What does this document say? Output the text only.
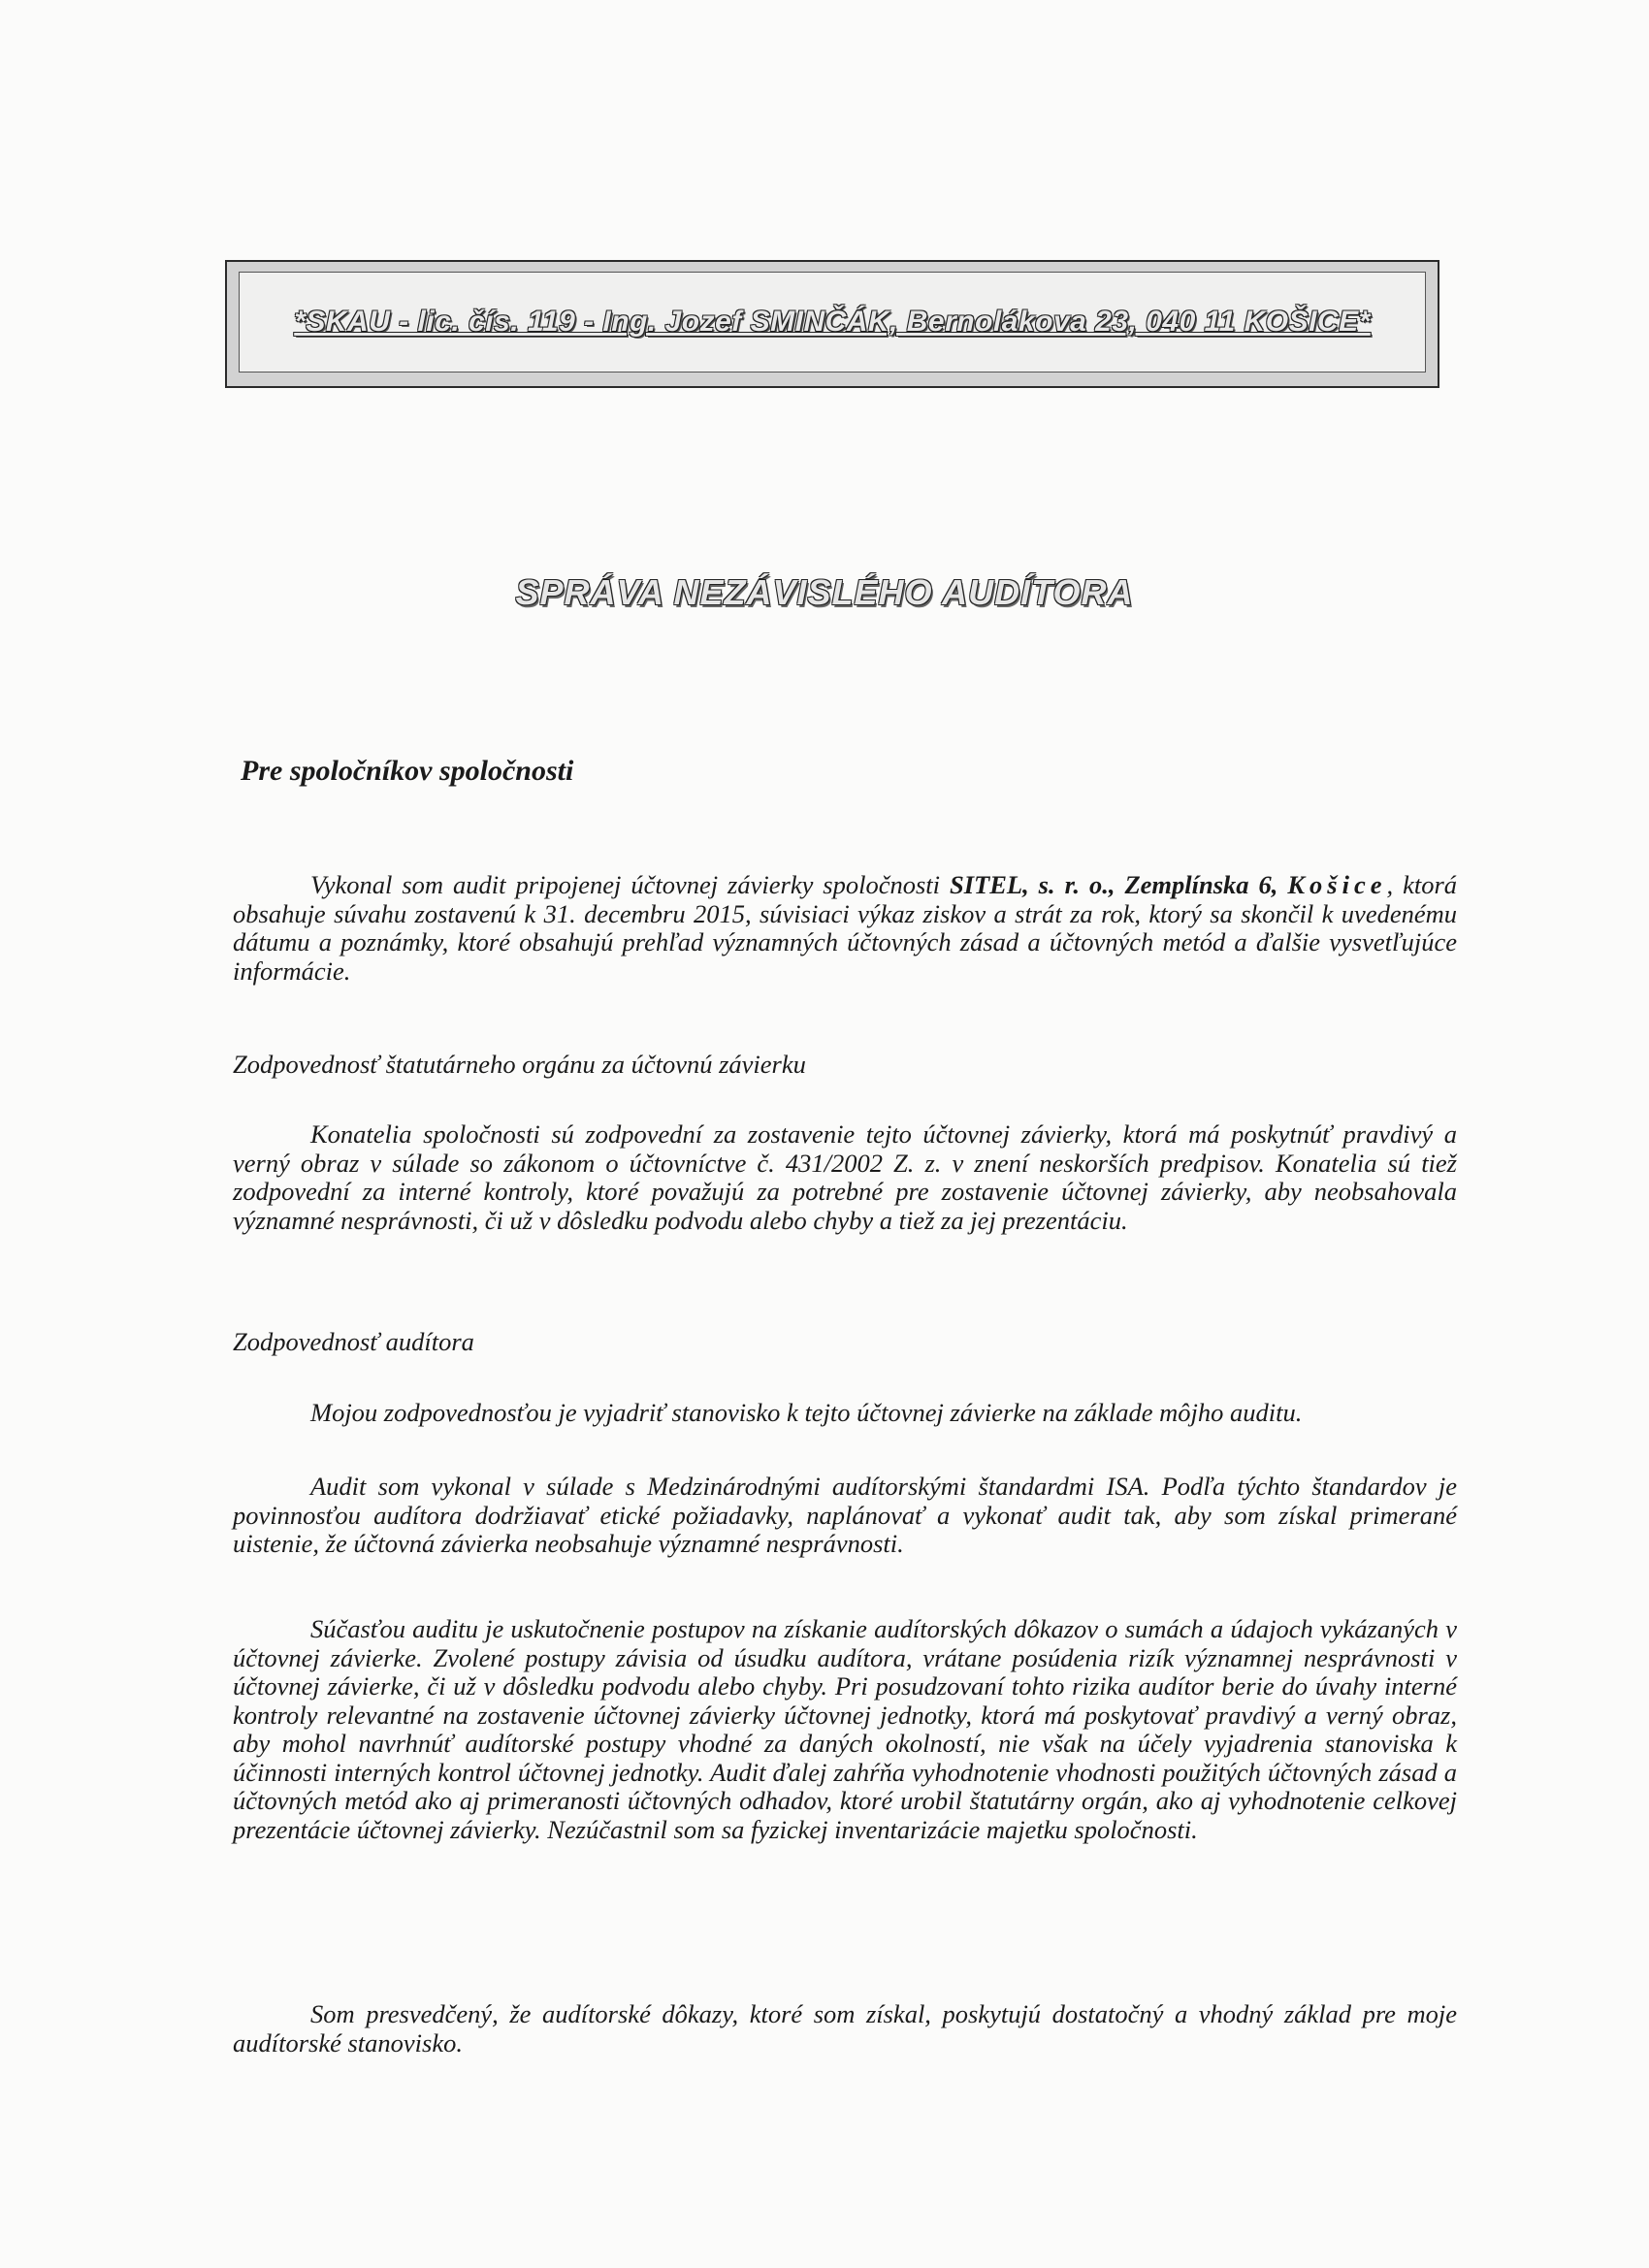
*SKAU - lic. čís. 119 - Ing. Jozef SMINČÁK, Bernolákova 23, 040 11 KOŠICE*
SPRÁVA NEZÁVISLÉHO AUDÍTORA
Pre spoločníkov spoločnosti
Vykonal som audit pripojenej účtovnej závierky spoločnosti SITEL, s. r. o., Zemplínska 6, Košice, ktorá obsahuje súvahu zostavenú k 31. decembru 2015, súvisiaci výkaz ziskov a strát za rok, ktorý sa skončil k uvedenému dátumu a poznámky, ktoré obsahujú prehľad významných účtovných zásad a účtovných metód a ďalšie vysvetľujúce informácie.
Zodpovednosť štatutárneho orgánu za účtovnú závierku
Konatelia spoločnosti sú zodpovední za zostavenie tejto účtovnej závierky, ktorá má poskytnúť pravdivý a verný obraz v súlade so zákonom o účtovníctve č. 431/2002 Z. z. v znení neskorších predpisov. Konatelia sú tiež zodpovední za interné kontroly, ktoré považujú za potrebné pre zostavenie účtovnej závierky, aby neobsahovala významné nesprávnosti, či už v dôsledku podvodu alebo chyby a tiež za jej prezentáciu.
Zodpovednosť audítora
Mojou zodpovednosťou je vyjadriť stanovisko k tejto účtovnej závierke na základe môjho auditu.
Audit som vykonal v súlade s Medzinárodnými audítorskými štandardmi ISA. Podľa týchto štandardov je povinnosťou audítora dodržiavať etické požiadavky, naplánovať a vykonať audit tak, aby som získal primerané uistenie, že účtovná závierka neobsahuje významné nesprávnosti.
Súčasťou auditu je uskutočnenie postupov na získanie audítorských dôkazov o sumách a údajoch vykázaných v účtovnej závierke. Zvolené postupy závisia od úsudku audítora, vrátane posúdenia rizík významnej nesprávnosti v účtovnej závierke, či už v dôsledku podvodu alebo chyby. Pri posudzovaní tohto rizika audítor berie do úvahy interné kontroly relevantné na zostavenie účtovnej závierky účtovnej jednotky, ktorá má poskytovať pravdivý a verný obraz, aby mohol navrhnúť audítorské postupy vhodné za daných okolností, nie však na účely vyjadrenia stanoviska k účinnosti interných kontrol účtovnej jednotky. Audit ďalej zahŕňa vyhodnotenie vhodnosti použitých účtovných zásad a účtovných metód ako aj primeranosti účtovných odhadov, ktoré urobil štatutárny orgán, ako aj vyhodnotenie celkovej prezentácie účtovnej závierky. Nezúčastnil som sa fyzickej inventarizácie majetku spoločnosti.
Som presvedčený, že audítorské dôkazy, ktoré som získal, poskytujú dostatočný a vhodný základ pre moje audítorské stanovisko.
